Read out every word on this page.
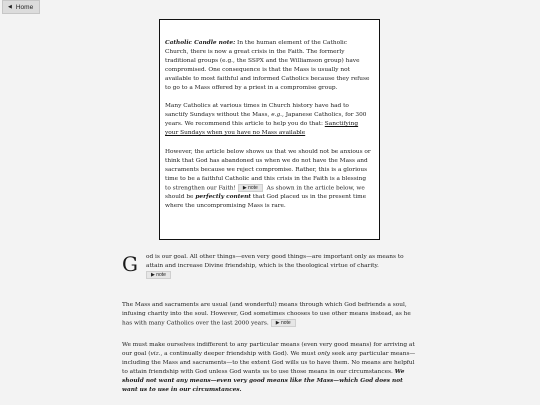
◀ Home

Catholic Candle note: In the human element of the Catholic Church, there is now a great crisis in the Faith. The formerly traditional groups (e.g., the SSPX and the Williamson group) have compromised. One consequence is that the Mass is usually not available to most faithful and informed Catholics because they refuse to go to a Mass offered by a priest in a compromise group.

Many Catholics at various times in Church history have had to sanctify Sundays without the Mass, e.g., Japanese Catholics, for 300 years. We recommend this article to help you do that: Sanctifying your Sundays when you have no Mass available

However, the article below shows us that we should not be anxious or think that God has abandoned us when we do not have the Mass and sacraments because we reject compromise. Rather, this is a glorious time to be a faithful Catholic and this crisis in the Faith is a blessing to strengthen our Faith! ▶ note As shown in the article below, we should be perfectly content that God placed us in the present time where the uncompromising Mass is rare.

G od is our goal. All other things—even very good things—are important only as means to attain and increase Divine friendship, which is the theological virtue of charity.
▶ note

The Mass and sacraments are usual (and wonderful) means through which God befriends a soul, infusing charity into the soul. However, God sometimes chooses to use other means instead, as he has with many Catholics over the last 2000 years. ▶ note

We must make ourselves indifferent to any particular means (even very good means) for arriving at our goal (viz., a continually deeper friendship with God). We must only seek any particular means—including the Mass and sacraments—to the extent God wills us to have them. No means are helpful to attain friendship with God unless God wants us to use those means in our circumstances. We should not want any means—even very good means like the Mass—which God does not want us to use in our circumstances.
